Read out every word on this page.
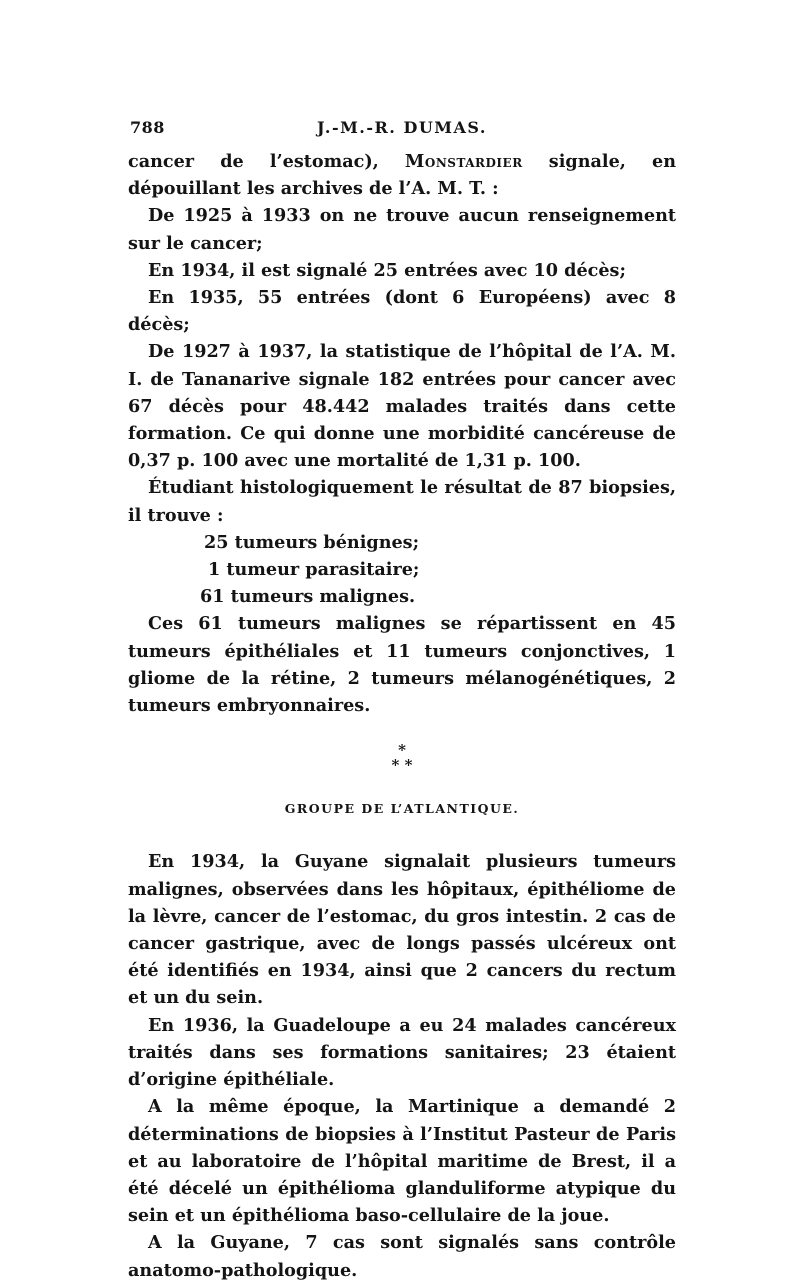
788	J.-M.-R. DUMAS.

cancer de l’estomac), Monstardier signale, en dépouillant les archives de l’A. M. T. :

De 1925 à 1933 on ne trouve aucun renseignement sur le cancer;

En 1934, il est signalé 25 entrées avec 10 décès;

En 1935, 55 entrées (dont 6 Européens) avec 8 décès;

De 1927 à 1937, la statistique de l’hôpital de l’A. M. I. de Tananarive signale 182 entrées pour cancer avec 67 décès pour 48.442 malades traités dans cette formation. Ce qui donne une morbidité cancéreuse de 0,37 p. 100 avec une mortalité de 1,31 p. 100.

Étudiant histologiquement le résultat de 87 biopsies, il trouve :

25 tumeurs bénignes;
1 tumeur parasitaire;
61 tumeurs malignes.

Ces 61 tumeurs malignes se répartissent en 45 tumeurs épithéliales et 11 tumeurs conjonctives, 1 gliome de la rétine, 2 tumeurs mélanogénétiques, 2 tumeurs embryonnaires.

*
* *
GROUPE DE L’ATLANTIQUE.

En 1934, la Guyane signalait plusieurs tumeurs malignes, observées dans les hôpitaux, épithéliome de la lèvre, cancer de l’estomac, du gros intestin. 2 cas de cancer gastrique, avec de longs passés ulcéreux ont été identifiés en 1934, ainsi que 2 cancers du rectum et un du sein.

En 1936, la Guadeloupe a eu 24 malades cancéreux traités dans ses formations sanitaires; 23 étaient d’origine épithéliale.

A la même époque, la Martinique a demandé 2 déterminations de biopsies à l’Institut Pasteur de Paris et au laboratoire de l’hôpital maritime de Brest, il a été décelé un épithélioma glanduliforme atypique du sein et un épithélioma baso-cellulaire de la joue.

A la Guyane, 7 cas sont signalés sans contrôle anatomo-pathologique.
